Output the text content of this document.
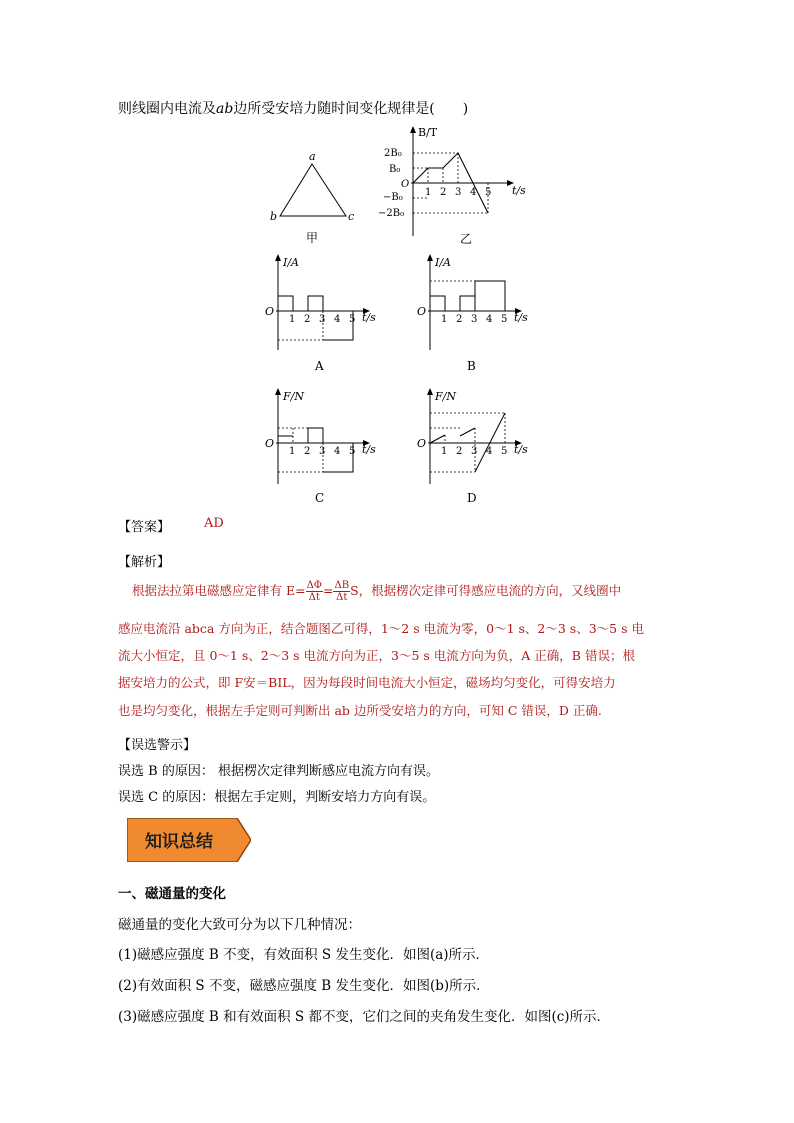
则线圈内电流及ab边所受安培力随时间变化规律是(　　)
a
b	c
甲
B/T
t/s
2B₀
B₀
O
−B₀
−2B₀
1 2 3 4 5
乙
I/A
t/s
O
1 2 3 4 5
A
I/A
t/s
O
1 2 3 4 5
B
F/N
t/s
O
1 2 3 4 5
C
F/N
t/s
O
1 2 3 4 5
D
【答案】	AD
【解析】
根据法拉第电磁感应定律有 $E= \frac{\Delta\Phi}{\Delta t} = \frac{\Delta B}{\Delta t}$ S，根据楞次定律可得感应电流的方向，又线圈中
感应电流沿 abca 方向为正，结合题图乙可得，1～2 s 电流为零，0～1 s、2～3 s、3～5 s 电
流大小恒定，且 0～1 s、2～3 s 电流方向为正，3～5 s 电流方向为负，A 正确，B 错误；根
据安培力的公式，即 F安＝BIL，因为每段时间电流大小恒定，磁场均匀变化，可得安培力
也是均匀变化，根据左手定则可判断出 ab 边所受安培力的方向，可知 C 错误，D 正确.
【误选警示】
误选 B 的原因： 根据楞次定律判断感应电流方向有误。
误选 C 的原因：根据左手定则，判断安培力方向有误。
知识总结
一、磁通量的变化
磁通量的变化大致可分为以下几种情况：
(1)磁感应强度 B 不变，有效面积 S 发生变化．如图(a)所示．
(2)有效面积 S 不变，磁感应强度 B 发生变化．如图(b)所示．
(3)磁感应强度 B 和有效面积 S 都不变，它们之间的夹角发生变化．如图(c)所示．
